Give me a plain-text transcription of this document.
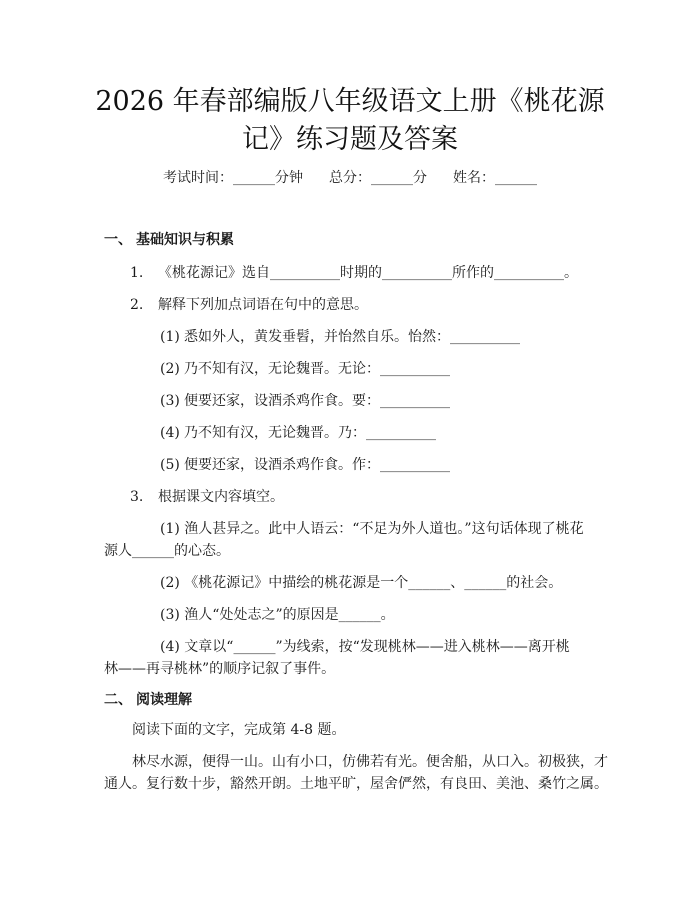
2026 年春部编版八年级语文上册《桃花源
记》练习题及答案
考试时间：______分钟 总分：______分 姓名：______
一、 基础知识与积累
1. 《桃花源记》选自__________时期的__________所作的__________。
2. 解释下列加点词语在句中的意思。
(1) 悉如外人，黄发垂髫，并怡然自乐。怡然：__________
(2) 乃不知有汉，无论魏晋。无论：__________
(3) 便要还家，设酒杀鸡作食。要：__________
(4) 乃不知有汉，无论魏晋。乃：__________
(5) 便要还家，设酒杀鸡作食。作：__________
3. 根据课文内容填空。
(1) 渔人甚异之。此中人语云：“不足为外人道也。”这句话体现了桃花
源人______的心态。
(2) 《桃花源记》中描绘的桃花源是一个______、______的社会。
(3) 渔人“处处志之”的原因是______。
(4) 文章以“______”为线索，按“发现桃林——进入桃林——离开桃
林——再寻桃林”的顺序记叙了事件。
二、 阅读理解
阅读下面的文字，完成第 4-8 题。
林尽水源，便得一山。山有小口，仿佛若有光。便舍船，从口入。初极狭，才
通人。复行数十步，豁然开朗。土地平旷，屋舍俨然，有良田、美池、桑竹之属。
